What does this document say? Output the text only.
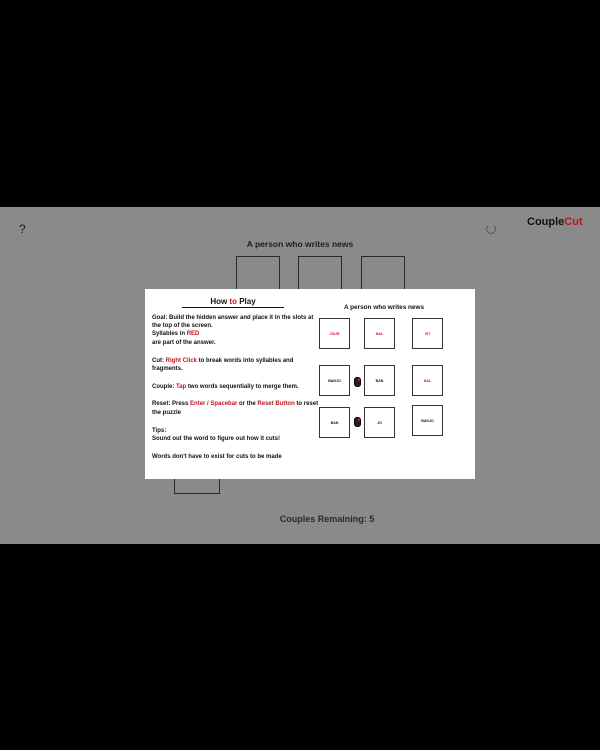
?	CoupleCut
A person who writes news
Couples Remaining: 5
How to Play

Goal: Build the hidden answer and place it in the slots at the top of the screen.
Syllables in RED
are part of the answer.

Cut: Right Click to break words into syllables and fragments.

Couple: Tap two words sequentially to merge them.

Reset: Press Enter / Spacebar or the Reset Button to reset the puzzle

Tips:
Sound out the word to figure out how it cuts!

Words don't have to exist for cuts to be made

A person who writes news
JOUR	NAL	IST
BANJO	BAN	NAL
BAN	JO	BANJO
